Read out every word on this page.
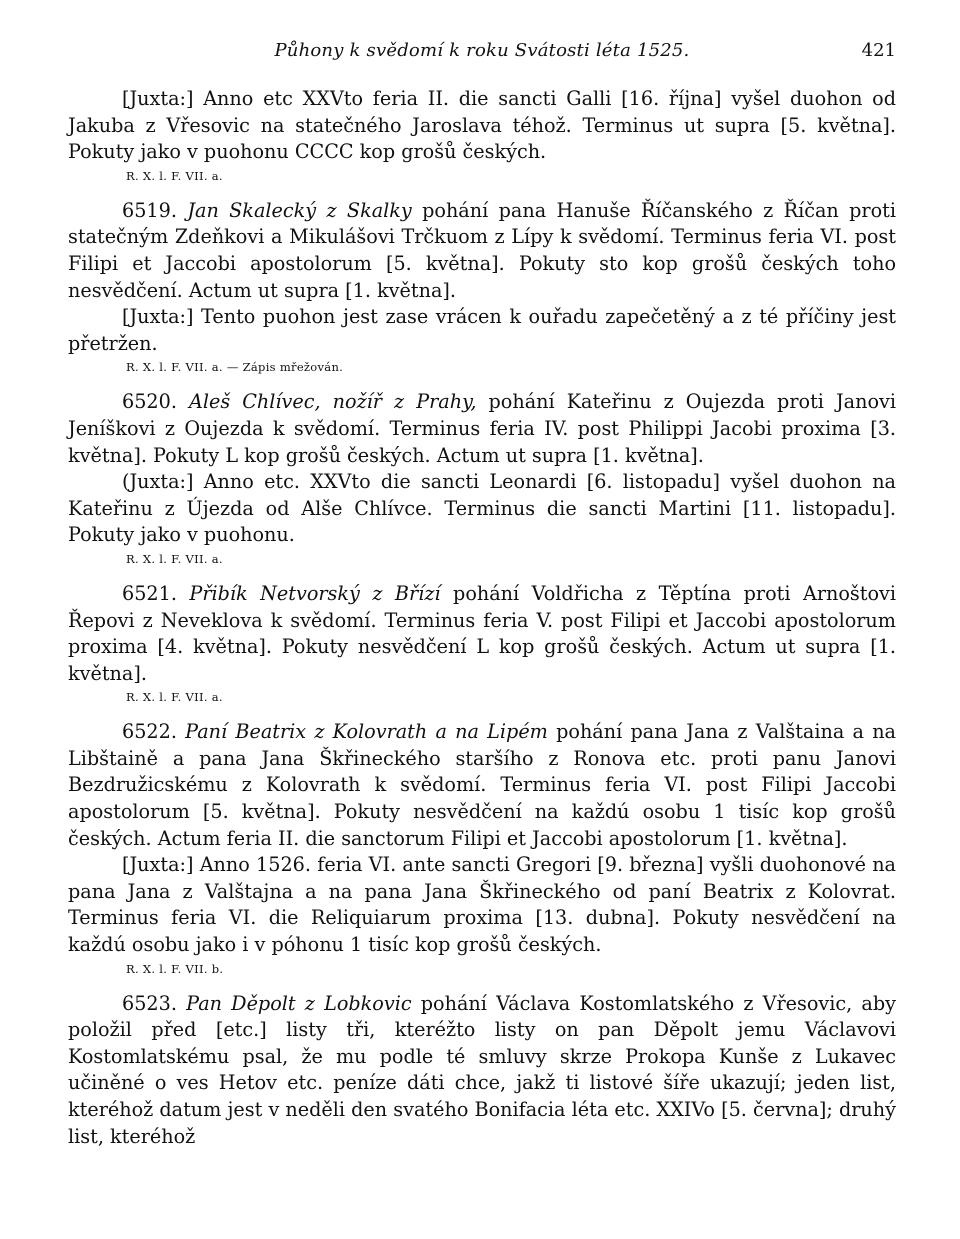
Půhony k svědomí k roku Svátosti léta 1525.	421

[Juxta:] Anno etc XXVto feria II. die sancti Galli [16. října] vyšel duohon od Jakuba z Vřesovic na statečného Jaroslava téhož. Terminus ut supra [5. května]. Pokuty jako v puohonu CCCC kop grošů českých.

R. X. l. F. VII. a.

6519. Jan Skalecký z Skalky pohání pana Hanuše Říčanského z Říčan proti statečným Zdeňkovi a Mikulášovi Trčkuom z Lípy k svědomí. Terminus feria VI. post Filipi et Jaccobi apostolorum [5. května]. Pokuty sto kop grošů českých toho nesvědčení. Actum ut supra [1. května].

[Juxta:] Tento puohon jest zase vrácen k ouřadu zapečetěný a z té příčiny jest přetržen.

R. X. l. F. VII. a. — Zápis mřežován.

6520. Aleš Chlívec, nožíř z Prahy, pohání Kateřinu z Oujezda proti Janovi Jeníškovi z Oujezda k svědomí. Terminus feria IV. post Philippi Jacobi proxima [3. května]. Pokuty L kop grošů českých. Actum ut supra [1. května].

(Juxta:] Anno etc. XXVto die sancti Leonardi [6. listopadu] vyšel duohon na Kateřinu z Újezda od Alše Chlívce. Terminus die sancti Martini [11. listopadu]. Pokuty jako v puohonu.

R. X. l. F. VII. a.

6521. Přibík Netvorský z Břízí pohání Voldřicha z Těptína proti Arnoštovi Řepovi z Neveklova k svědomí. Terminus feria V. post Filipi et Jaccobi apostolorum proxima [4. května]. Pokuty nesvědčení L kop grošů českých. Actum ut supra [1. května].

R. X. l. F. VII. a.

6522. Paní Beatrix z Kolovrath a na Lipém pohání pana Jana z Valštaina a na Libštaině a pana Jana Škřineckého staršího z Ronova etc. proti panu Janovi Bezdružicskému z Kolovrath k svědomí. Terminus feria VI. post Filipi Jaccobi apostolorum [5. května]. Pokuty nesvědčení na každú osobu 1 tisíc kop grošů českých. Actum feria II. die sanctorum Filipi et Jaccobi apostolorum [1. května].

[Juxta:] Anno 1526. feria VI. ante sancti Gregori [9. března] vyšli duohonové na pana Jana z Valštajna a na pana Jana Škřineckého od paní Beatrix z Kolovrat. Terminus feria VI. die Reliquiarum proxima [13. dubna]. Pokuty nesvědčení na každú osobu jako i v póhonu 1 tisíc kop grošů českých.

R. X. l. F. VII. b.

6523. Pan Děpolt z Lobkovic pohání Václava Kostomlatského z Vřesovic, aby položil před [etc.] listy tři, kteréžto listy on pan Děpolt jemu Václavovi Kostomlatskému psal, že mu podle té smluvy skrze Prokopa Kunše z Lukavec učiněné o ves Hetov etc. peníze dáti chce, jakž ti listové šíře ukazují; jeden list, kteréhož datum jest v neděli den svatého Bonifacia léta etc. XXIVo [5. června]; druhý list, kteréhož
